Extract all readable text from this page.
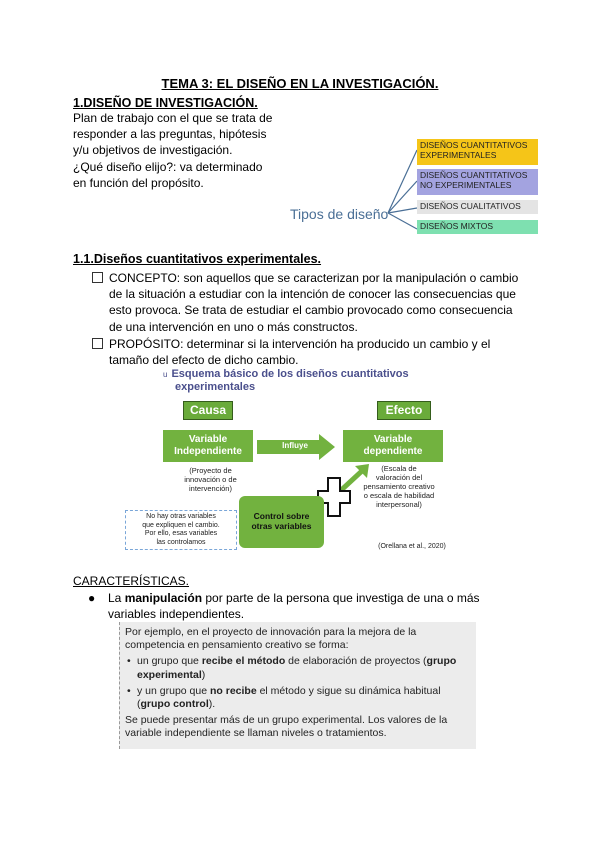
TEMA 3: EL DISEÑO EN LA INVESTIGACIÓN.
1.DISEÑO DE INVESTIGACIÓN.

Plan de trabajo con el que se trata de

responder a las preguntas, hipótesis

y/u objetivos de investigación.

¿Qué diseño elijo?: va determinado

en función del propósito.

Tipos de diseño
DISEÑOS CUANTITATIVOS
EXPERIMENTALES
DISEÑOS CUANTITATIVOS
NO EXPERIMENTALES
DISEÑOS CUALITATIVOS
DISEÑOS MIXTOS
1.1.Diseños cuantitativos experimentales.
CONCEPTO: son aquellos que se caracterizan por la manipulación o cambio
de la situación a estudiar con la intención de conocer las consecuencias que
esto provoca. Se trata de estudiar el cambio provocado como consecuencia
de una intervención en uno o más constructos.
PROPÓSITO: determinar si la intervención ha producido un cambio y el
tamaño del efecto de dicho cambio.
u Esquema básico de los diseños cuantitativos
experimentales
Causa	Efecto
Variable
Independiente
Influye
Variable
dependiente
(Proyecto de
innovación o de
intervención)
(Escala de
valoración del
pensamiento creativo
o escala de habilidad
interpersonal)
Control sobre
otras variables
No hay otras variables
que expliquen el cambio.
Por ello, esas variables
las controlamos
(Orellana et al., 2020)
CARACTERÍSTICAS.
● La manipulación por parte de la persona que investiga de una o más
variables independientes.

Por ejemplo, en el proyecto de innovación para la mejora de la
competencia en pensamiento creativo se forma:

• un grupo que recibe el método de elaboración de proyectos (grupo experimental)

• y un grupo que no recibe el método y sigue su dinámica habitual (grupo control).

Se puede presentar más de un grupo experimental. Los valores de la
variable independiente se llaman niveles o tratamientos.
